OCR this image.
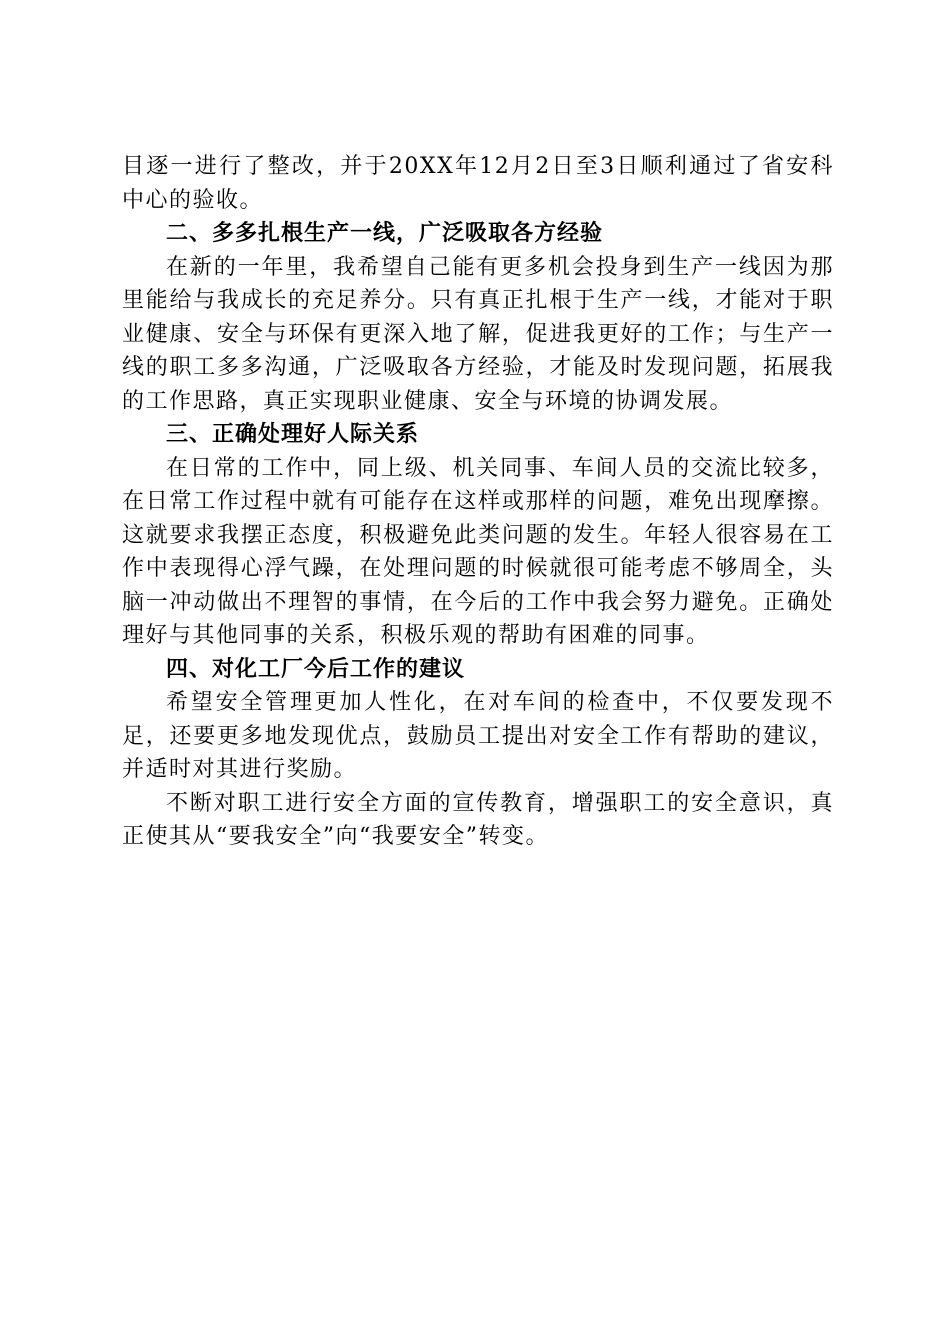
目逐一进行了整改，并于20XX年12月2日至3日顺利通过了省安科中心的验收。

二、多多扎根生产一线，广泛吸取各方经验

在新的一年里，我希望自己能有更多机会投身到生产一线因为那里能给与我成长的充足养分。只有真正扎根于生产一线，才能对于职业健康、安全与环保有更深入地了解，促进我更好的工作；与生产一线的职工多多沟通，广泛吸取各方经验，才能及时发现问题，拓展我的工作思路，真正实现职业健康、安全与环境的协调发展。

三、正确处理好人际关系

在日常的工作中，同上级、机关同事、车间人员的交流比较多，在日常工作过程中就有可能存在这样或那样的问题，难免出现摩擦。这就要求我摆正态度，积极避免此类问题的发生。年轻人很容易在工作中表现得心浮气躁，在处理问题的时候就很可能考虑不够周全，头脑一冲动做出不理智的事情，在今后的工作中我会努力避免。正确处理好与其他同事的关系，积极乐观的帮助有困难的同事。

四、对化工厂今后工作的建议

希望安全管理更加人性化，在对车间的检查中，不仅要发现不足，还要更多地发现优点，鼓励员工提出对安全工作有帮助的建议，并适时对其进行奖励。

不断对职工进行安全方面的宣传教育，增强职工的安全意识，真正使其从“要我安全”向“我要安全”转变。
